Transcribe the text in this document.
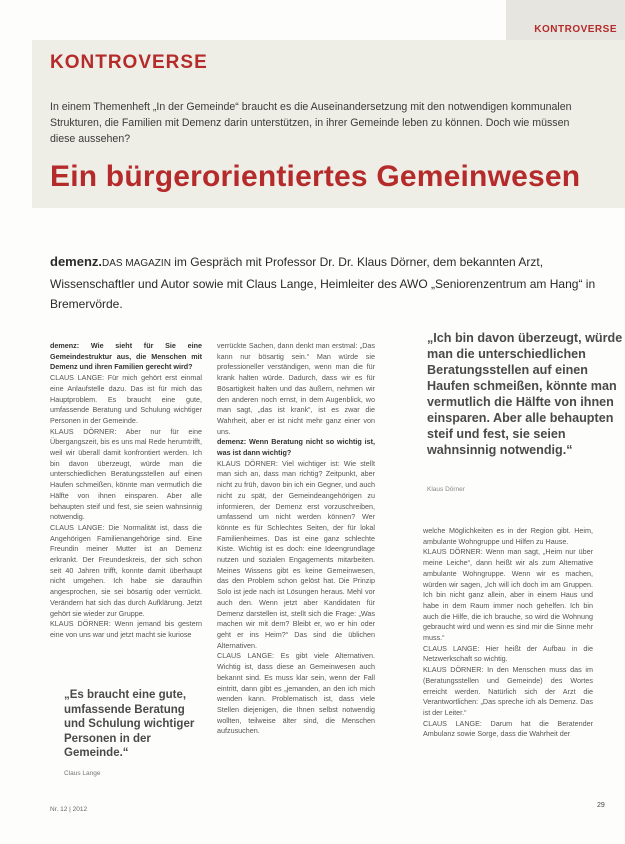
KONTROVERSE
KONTROVERSE
In einem Themenheft „In der Gemeinde“ braucht es die Auseinandersetzung mit den notwendigen kommunalen Strukturen, die Familien mit Demenz darin unterstützen, in ihrer Gemeinde leben zu können. Doch wie müssen diese aussehen?
Ein bürgerorientiertes Gemeinwesen
demenz.DAS MAGAZIN im Gespräch mit Professor Dr. Dr. Klaus Dörner, dem bekannten Arzt, Wissenschaftler und Autor sowie mit Claus Lange, Heimleiter des AWO „Seniorenzentrum am Hang“ in Bremervörde.

demenz: Wie sieht für Sie eine Gemeindestruktur aus, die Menschen mit Demenz und ihren Familien gerecht wird?

CLAUS LANGE: Für mich gehört erst einmal eine Anlaufstelle dazu. Das ist für mich das Hauptproblem. Es braucht eine gute, umfassende Beratung und Schulung wichtiger Personen in der Gemeinde.

KLAUS DÖRNER: Aber nur für eine Übergangszeit, bis es uns mal Rede herumtrifft, weil wir überall damit konfrontiert werden. Ich bin davon überzeugt, würde man die unterschiedlichen Beratungsstellen auf einen Haufen schmeißen, könnte man vermutlich die Hälfte von ihnen einsparen. Aber alle behaupten steif und fest, sie seien wahnsinnig notwendig.

CLAUS LANGE: Die Normalität ist, dass die Angehörigen Familienangehörige sind. Eine Freundin meiner Mutter ist an Demenz erkrankt. Der Freundeskreis, der sich schon seit 40 Jahren trifft, konnte damit überhaupt nicht umgehen. Ich habe sie daraufhin angesprochen, sie sei bösartig oder verrückt. Verändern hat sich das durch Aufklärung. Jetzt gehört sie wieder zur Gruppe.

KLAUS DÖRNER: Wenn jemand bis gestern eine von uns war und jetzt macht sie kuriose

verrückte Sachen, dann denkt man erstmal: „Das kann nur bösartig sein.“ Man würde sie professioneller verständigen, wenn man die für krank halten würde. Dadurch, dass wir es für Bösartigkeit halten und das äußern, nehmen wir den anderen noch ernst, in dem Augenblick, wo man sagt, „das ist krank“, ist es zwar die Wahrheit, aber er ist nicht mehr ganz einer von uns.

demenz: Wenn Beratung nicht so wichtig ist, was ist dann wichtig?

KLAUS DÖRNER: Viel wichtiger ist: Wie stellt man sich an, dass man richtig? Zeitpunkt, aber nicht zu früh, davon bin ich ein Gegner, und auch nicht zu spät, der Gemeindeangehörigen zu informieren, der Demenz erst vorzuschreiben, umfassend um nicht werden können? Wer könnte es für Schlechtes Seiten, der für lokal Familienheimes. Das ist eine ganz schlechte Kiste. Wichtig ist es doch: eine Ideengrundlage nutzen und sozialen Engagements mitarbeiten. Meines Wissens gibt es keine Gemeinwesen, das den Problem schon gelöst hat. Die Prinzip Solo ist jede nach ist Lösungen heraus. Mehl vor auch den. Wenn jetzt aber Kandidaten für Demenz darstellen ist, stellt sich die Frage: „Was machen wir mit dem? Bleibt er, wo er hin oder geht er ins Heim?“ Das sind die üblichen Alternativen.

CLAUS LANGE: Es gibt viele Alternativen. Wichtig ist, dass diese an Gemeinwesen auch bekannt sind. Es muss klar sein, wenn der Fall eintritt, dann gibt es „jemanden, an den ich mich wenden kann. Problematisch ist, dass viele Stellen diejenigen, die Ihnen selbst notwendig wollten, teilweise älter sind, die Menschen aufzusuchen.

welche Möglichkeiten es in der Region gibt. Heim, ambulante Wohngruppe und Hilfen zu Hause.

KLAUS DÖRNER: Wenn man sagt, „Heim nur über meine Leiche“, dann heißt wir als zum Alternative ambulante Wohngruppe. Wenn wir es machen, würden wir sagen, „Ich will ich doch im am Gruppen. Ich bin nicht ganz allein, aber in einem Haus und habe in dem Raum immer noch gehelfen. Ich bin auch die Hilfe, die ich brauche, so wird die Wohnung gebraucht wird und wenn es sind mir die Sinne mehr muss.“

CLAUS LANGE: Hier heißt der Aufbau in die Netzwerkschaft so wichtig.

KLAUS DÖRNER: In den Menschen muss das im (Beratungsstellen und Gemeinde) des Wortes erreicht werden. Natürlich sich der Arzt die Verantwortlichen: „Das spreche ich als Demenz. Das ist der Leiter.“

CLAUS LANGE: Darum hat die Beratender Ambulanz sowie Sorge, dass die Wahrheit der

„Es braucht eine gute, umfassende Beratung und Schulung wichtiger Personen in der Gemeinde.“
Claus Lange
„Ich bin davon überzeugt, würde man die unterschiedlichen Beratungsstellen auf einen Haufen schmeißen, könnte man vermutlich die Hälfte von ihnen einsparen. Aber alle behaupten steif und fest, sie seien wahnsinnig notwendig.“
Klaus Dörner
Nr. 12 | 2012
29
